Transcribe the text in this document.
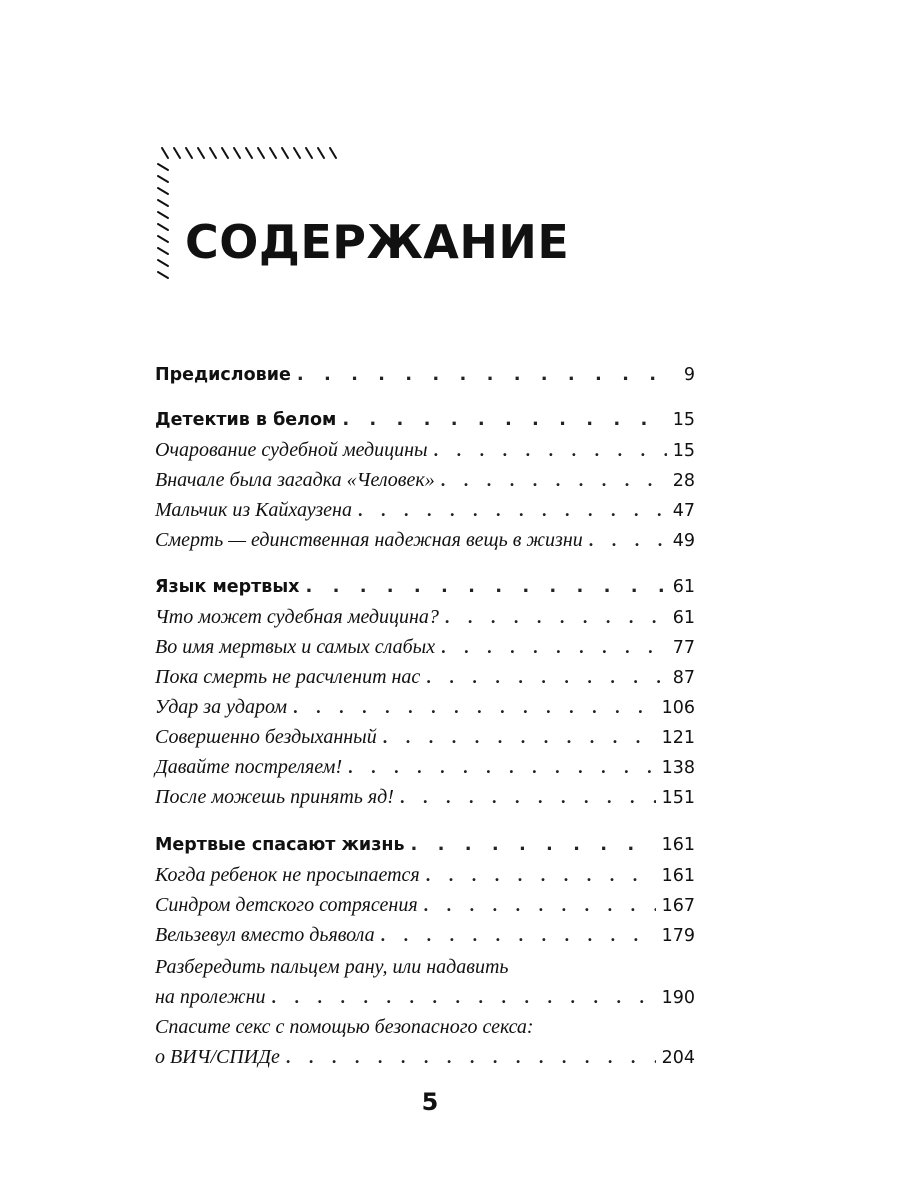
СОДЕРЖАНИЕ
Предисловие . . .	9
Детектив в белом . . .	15
Очарование судебной медицины . . .	15
Вначале была загадка «Человек» . . .	28
Мальчик из Кайхаузена . . .	47
Смерть — единственная надежная вещь в жизни . . .	49
Язык мертвых . . .	61
Что может судебная медицина? . . .	61
Во имя мертвых и самых слабых . . .	77
Пока смерть не расчленит нас . . .	87
Удар за ударом . . .	106
Совершенно бездыханный . . .	121
Давайте постреляем! . . .	138
После можешь принять яд! . . .	151
Мертвые спасают жизнь . . .	161
Когда ребенок не просыпается . . .	161
Синдром детского сотрясения . . .	167
Вельзевул вместо дьявола . . .	179
Разбередить пальцем рану, или надавить
на пролежни . . .	190
Спасите секс с помощью безопасного секса:
о ВИЧ/СПИДе . . .	204
5
